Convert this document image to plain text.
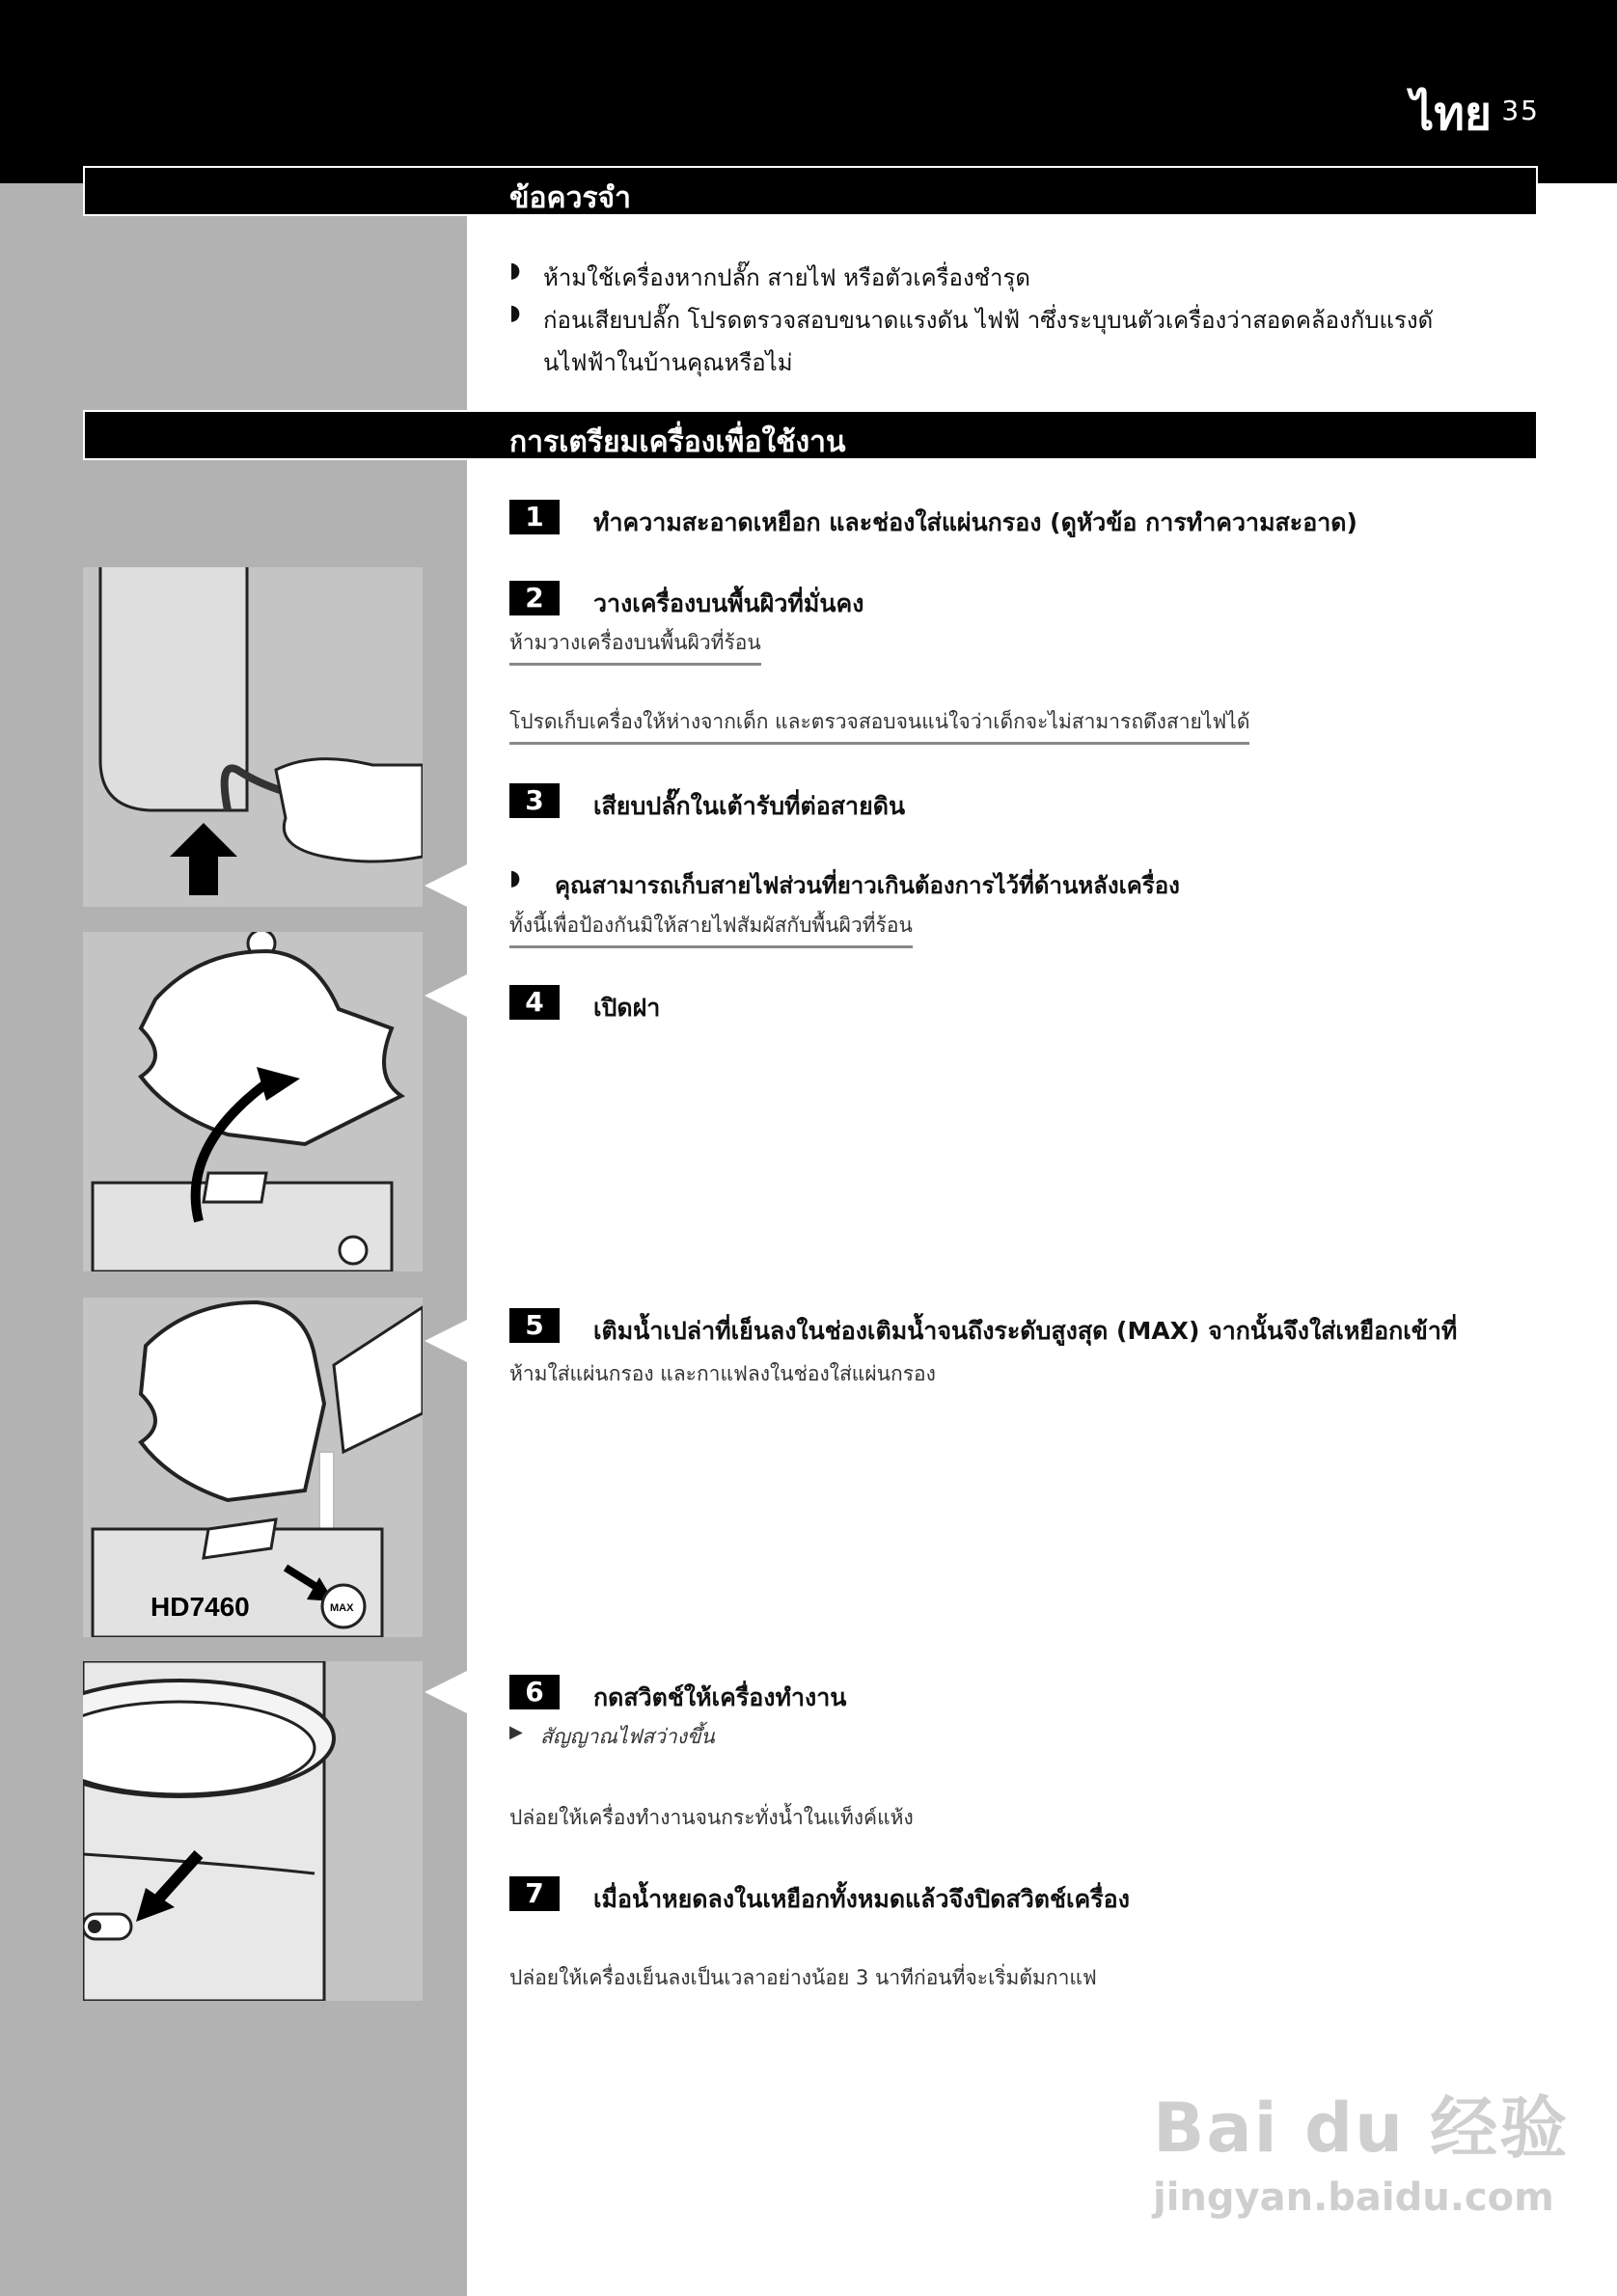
ไทย 35
ข้อควรจำ
◗ ห้ามใช้เครื่องหากปลั๊ก สายไฟ หรือตัวเครื่องชำรุด
◗ ก่อนเสียบปลั๊ก โปรดตรวจสอบขนาดแรงดัน ไฟฟ้ าซึ่งระบุบนตัวเครื่องว่าสอดคล้องกับแรงดั
นไฟฟ้าในบ้านคุณหรือไม่
การเตรียมเครื่องเพื่อใช้งาน
1	ทำความสะอาดเหยือก และช่องใส่แผ่นกรอง (ดูหัวข้อ การทำความสะอาด)
2	วางเครื่องบนพื้นผิวที่มั่นคง
ห้ามวางเครื่องบนพื้นผิวที่ร้อน
โปรดเก็บเครื่องให้ห่างจากเด็ก และตรวจสอบจนแน่ใจว่าเด็กจะไม่สามารถดึงสายไฟได้
3	เสียบปลั๊กในเต้ารับที่ต่อสายดิน
◗ คุณสามารถเก็บสายไฟส่วนที่ยาวเกินต้องการไว้ที่ด้านหลังเครื่อง
ทั้งนี้เพื่อป้องกันมิให้สายไฟสัมผัสกับพื้นผิวที่ร้อน
4	เปิดฝา
5	เติมน้ำเปล่าที่เย็นลงในช่องเติมน้ำจนถึงระดับสูงสุด (MAX) จากนั้นจึงใส่เหยือกเข้าที่
ห้ามใส่แผ่นกรอง และกาแฟลงในช่องใส่แผ่นกรอง
6	กดสวิตช์ให้เครื่องทำงาน
▶ สัญญาณไฟสว่างขึ้น
ปล่อยให้เครื่องทำงานจนกระทั่งน้ำในแท็งค์แห้ง
7	เมื่อน้ำหยดลงในเหยือกทั้งหมดแล้วจึงปิดสวิตช์เครื่อง
ปล่อยให้เครื่องเย็นลงเป็นเวลาอย่างน้อย 3 นาทีก่อนที่จะเริ่มต้มกาแฟ
MAX
HD7460
Bai du 经验
jingyan.baidu.com
